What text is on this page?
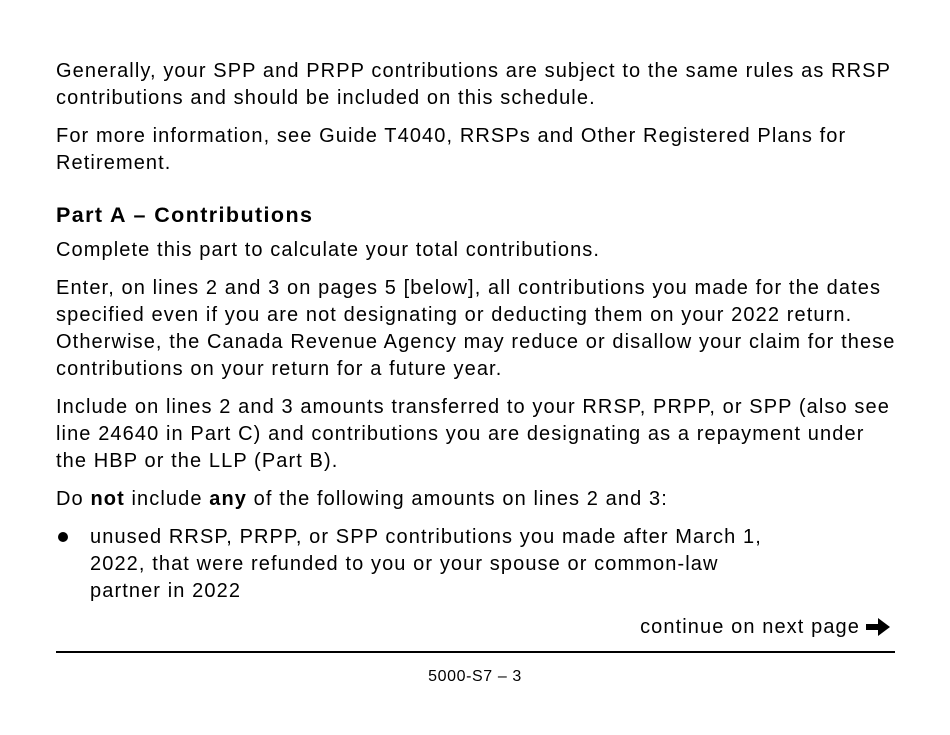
Generally, your SPP and PRPP contributions are subject to the same rules as RRSP contributions and should be included on this schedule.

For more information, see Guide T4040, RRSPs and Other Registered Plans for Retirement.

Part A – Contributions

Complete this part to calculate your total contributions.

Enter, on lines 2 and 3 on pages 5 [below], all contributions you made for the dates specified even if you are not designating or deducting them on your 2022 return. Otherwise, the Canada Revenue Agency may reduce or disallow your claim for these contributions on your return for a future year.

Include on lines 2 and 3 amounts transferred to your RRSP, PRPP, or SPP (also see line 24640 in Part C) and contributions you are designating as a repayment under the HBP or the LLP (Part B).

Do not include any of the following amounts on lines 2 and 3:

unused RRSP, PRPP, or SPP contributions you made after March 1, 2022, that were refunded to you or your spouse or common-law partner in 2022
continue on next page
5000-S7 – 3
